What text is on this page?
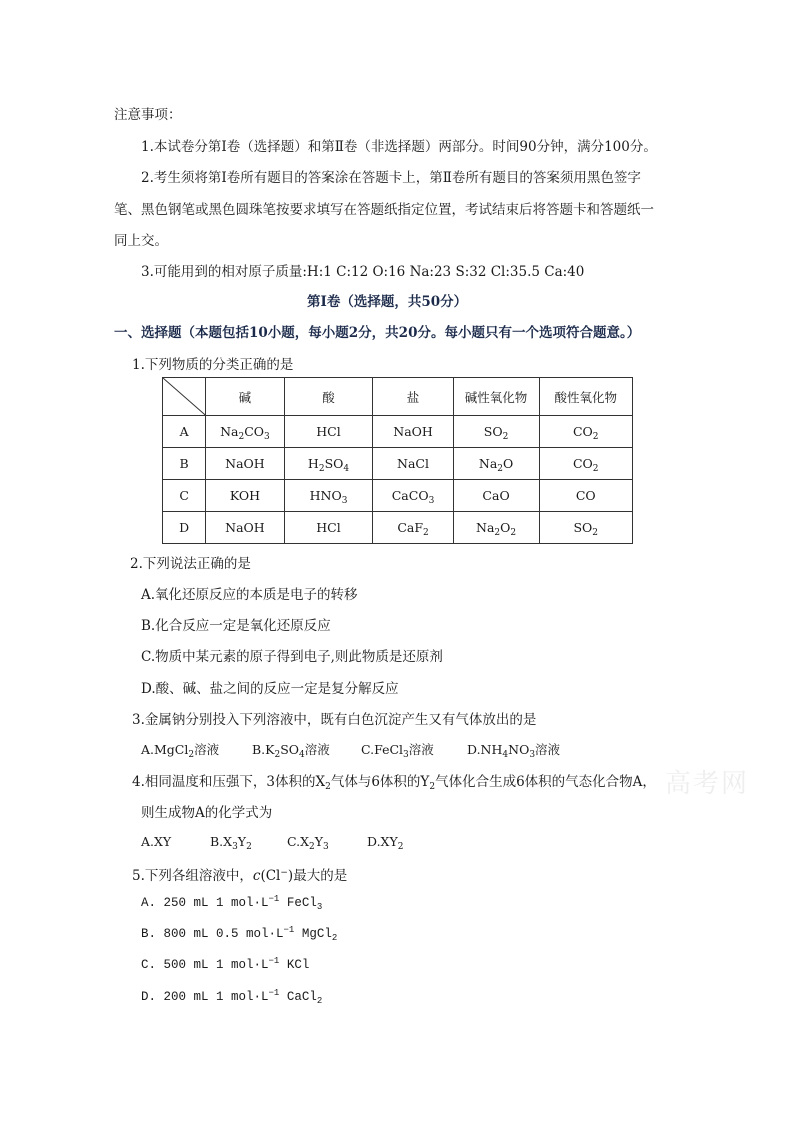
注意事项：
1.本试卷分第Ⅰ卷（选择题）和第Ⅱ卷（非选择题）两部分。时间90分钟，满分100分。
2.考生须将第Ⅰ卷所有题目的答案涂在答题卡上，第Ⅱ卷所有题目的答案须用黑色签字
笔、黑色钢笔或黑色圆珠笔按要求填写在答题纸指定位置，考试结束后将答题卡和答题纸一
同上交。
3.可能用到的相对原子质量:H:1 C:12 O:16 Na:23 S:32 Cl:35.5 Ca:40
第Ⅰ卷（选择题，共50分）
一、选择题（本题包括10小题，每小题2分，共20分。每小题只有一个选项符合题意。）
1.下列物质的分类正确的是
	碱	酸	盐	碱性氧化物	酸性氧化物
A	$Na_2CO_3$	HCl	NaOH	$SO_2$	$CO_2$
B	NaOH	$H_2SO_4$	NaCl	$Na_2O$	$CO_2$
C	KOH	$HNO_3$	CaCO$_3$	CaO	CO
D	NaOH	HCl	CaF$_2$	$Na_2O_2$	$SO_2$
2.下列说法正确的是
A.氧化还原反应的本质是电子的转移
B.化合反应一定是氧化还原反应
C.物质中某元素的原子得到电子,则此物质是还原剂
D.酸、碱、盐之间的反应一定是复分解反应
3.金属钠分别投入下列溶液中，既有白色沉淀产生又有气体放出的是
A.MgCl$_2$溶液	$B.K_2SO_4$溶液 C.FeCl$_3$溶液	$D.NH_4NO_3$溶液
4.相同温度和压强下，3体积的$X_2$气体与6体积的$Y_2$气体化合生成6体积的气态化合物A，
则生成物A的化学式为
高考网
A.XY	$B.X_3Y_2$	$C.X_2Y_3$	$D.XY_2$
5.下列各组溶液中，c(Cl−)最大的是
A. 250 mL 1 $mol\cdot L^{-1}$ FeCl$_3$
B. 800 mL 0.5 $mol\cdot L^{-1}$ MgCl$_2$
C. 500 mL 1 $mol\cdot L^{-1}$ KCl
D. 200 mL 1 $mol\cdot L^{-1}$ CaCl$_2$
